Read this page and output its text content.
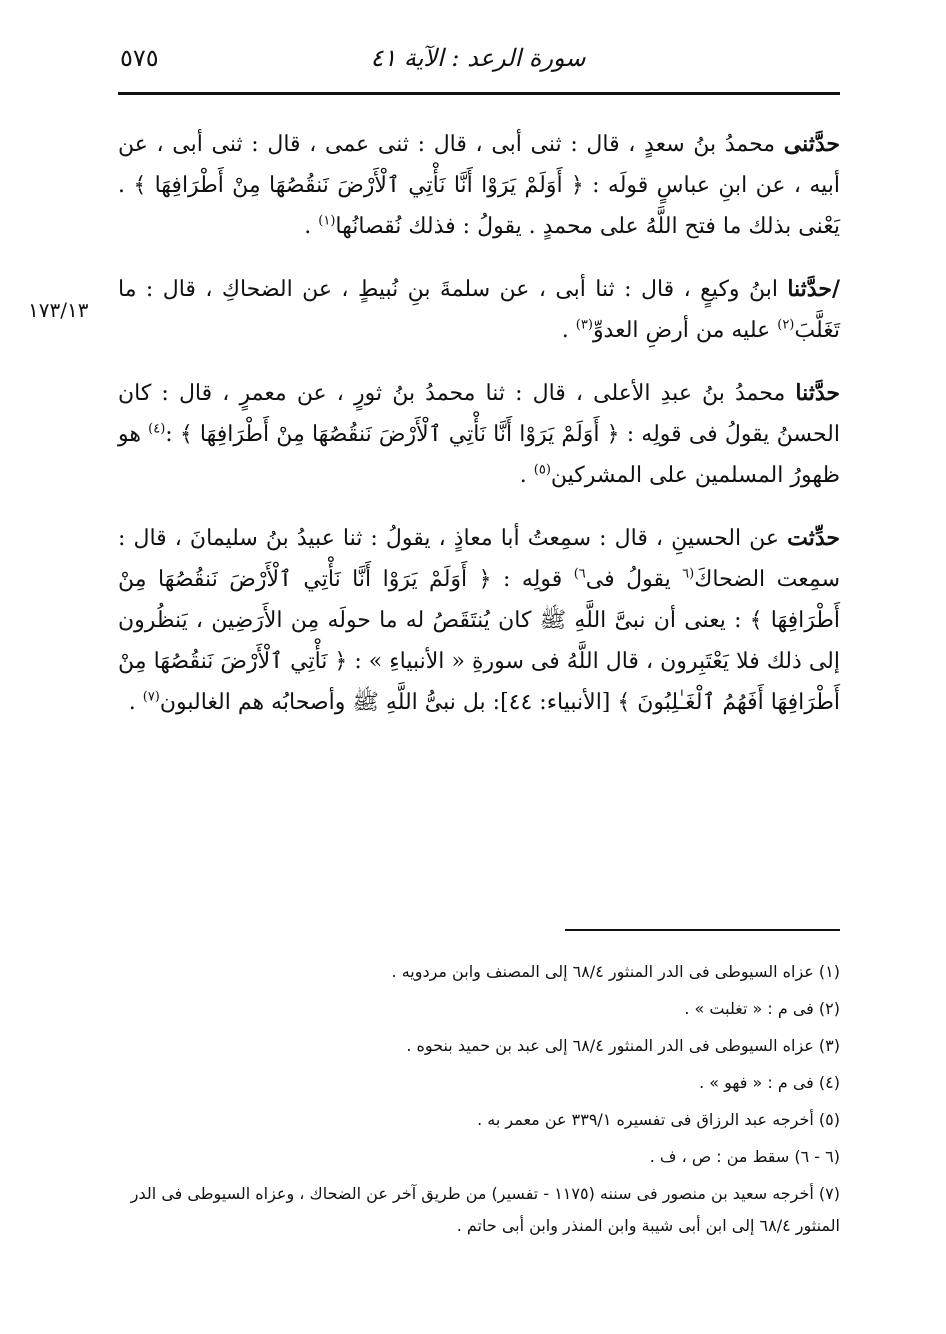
٥٧٥	سورة الرعد : الآية ٤١
١٧٣/١٣

حدَّثنى محمدُ بنُ سعدٍ ، قال : ثنى أبى ، قال : ثنى عمى ، قال : ثنى أبى ، عن أبيه ، عن ابنِ عباسٍ قولَه : ﴿ أَوَلَمْ يَرَوْا أَنَّا نَأْتِي ٱلْأَرْضَ نَنقُصُهَا مِنْ أَطْرَافِهَا ﴾ . يَعْنى بذلك ما فتح اللَّهُ على محمدٍ . يقولُ : فذلك نُقصانُها$^{(١)}$ .

/حدَّثنا ابنُ وكيعٍ ، قال : ثنا أبى ، عن سلمةَ بنِ نُبيطٍ ، عن الضحاكِ ، قال : ما تَغَلَّبَ$^{(٢)}$ عليه من أرضِ العدوِّ$^{(٣)}$ .

حدَّثنا محمدُ بنُ عبدِ الأعلى ، قال : ثنا محمدُ بنُ ثورٍ ، عن معمرٍ ، قال : كان الحسنُ يقولُ فى قولِه : ﴿ أَوَلَمْ يَرَوْا أَنَّا نَأْتِي ٱلْأَرْضَ نَنقُصُهَا مِنْ أَطْرَافِهَا ﴾ :$^{(٤)}$ هو ظهورُ المسلمين على المشركين$^{(٥)}$ .

حدِّثت عن الحسينِ ، قال : سمِعتُ أبا معاذٍ ، يقولُ : ثنا عبيدُ بنُ سليمانَ ، قال : سمِعت الضحاكَ$^{(٦}$ يقولُ فى$^{٦)}$ قولِه : ﴿ أَوَلَمْ يَرَوْا أَنَّا نَأْتِي ٱلْأَرْضَ نَنقُصُهَا مِنْ أَطْرَافِهَا ﴾ : يعنى أن نبىَّ اللَّهِ ﷺ كان يُنتَقَصُ له ما حولَه مِن الأَرَضِين ، يَنظُرون إلى ذلك فلا يَعْتَبِرون ، قال اللَّهُ فى سورةِ « الأنبياءِ » : ﴿ نَأْتِي ٱلْأَرْضَ نَنقُصُهَا مِنْ أَطْرَافِهَا أَفَهُمُ ٱلْغَـٰلِبُونَ ﴾ [الأنبياء: ٤٤]: بل نبىُّ اللَّهِ ﷺ وأصحابُه هم الغالبون$^{(٧)}$ .

(١) عزاه السيوطى فى الدر المنثور ٦٨/٤ إلى المصنف وابن مردويه .

(٢) فى م : « تغلبت » .

(٣) عزاه السيوطى فى الدر المنثور ٦٨/٤ إلى عبد بن حميد بنحوه .

(٤) فى م : « فهو » .

(٥) أخرجه عبد الرزاق فى تفسيره ٣٣٩/١ عن معمر به .

(٦ - ٦) سقط من : ص ، ف .

(٧) أخرجه سعيد بن منصور فى سننه (١١٧٥ - تفسير) من طريق آخر عن الضحاك ، وعزاه السيوطى فى الدر المنثور ٦٨/٤ إلى ابن أبى شيبة وابن المنذر وابن أبى حاتم .
